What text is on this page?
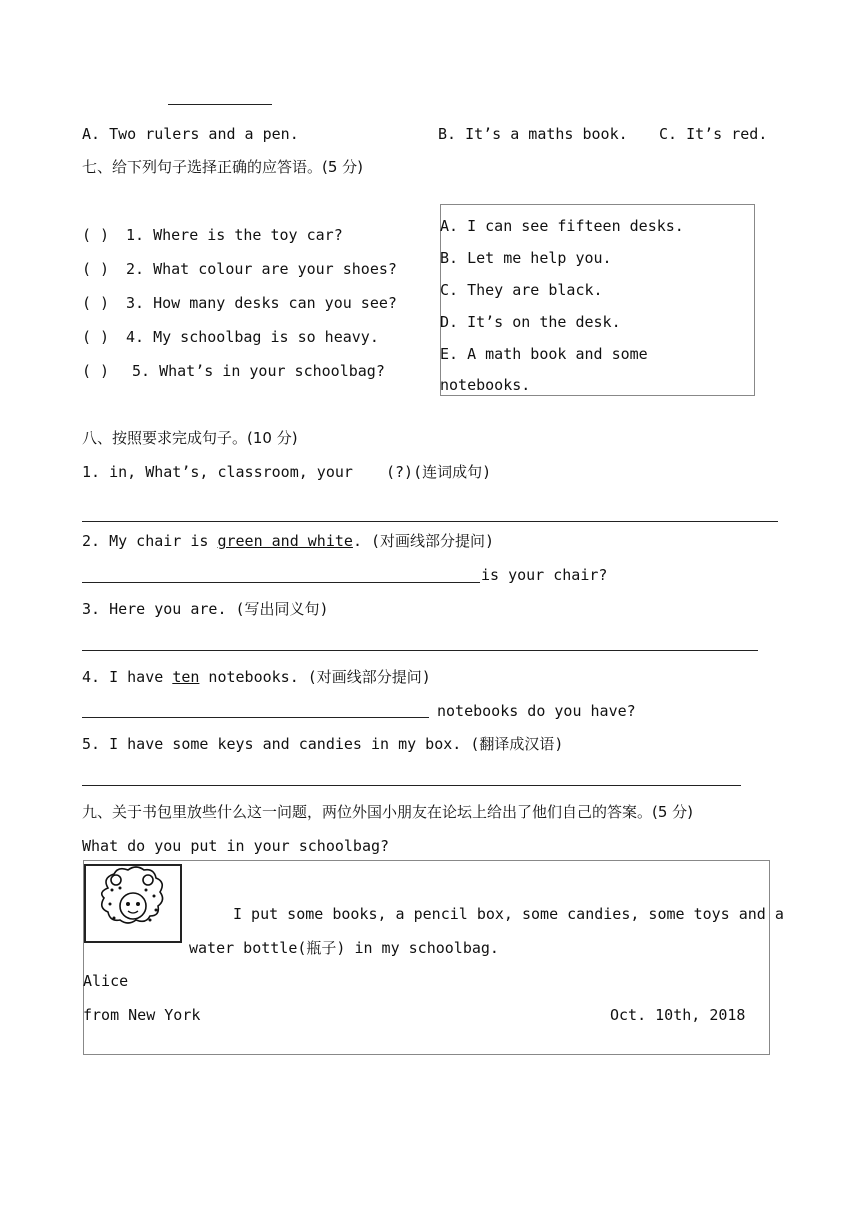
A. Two rulers and a pen.	B. It’s a maths book. C. It’s red.
七、给下列句子选择正确的应答语。(5 分)
( ) 1. Where is the toy car?
( ) 2. What colour are your shoes?
( ) 3. How many desks can you see?
( ) 4. My schoolbag is so heavy.
( ) 5. What’s in your schoolbag?
A. I can see fifteen desks.
B. Let me help you.
C. They are black.
D. It’s on the desk.
E. A math book and some
notebooks.
八、按照要求完成句子。(10 分)
1. in, What’s, classroom, your (?)(连词成句)
2. My chair is green and white. (对画线部分提问)
is your chair?
3. Here you are. (写出同义句)
4. I have ten notebooks. (对画线部分提问)
notebooks do you have?
5. I have some keys and candies in my box. (翻译成汉语)
九、关于书包里放些什么这一问题，两位外国小朋友在论坛上给出了他们自己的答案。(5 分)
What do you put in your schoolbag?
I put some books, a pencil box, some candies, some toys and a
water bottle(瓶子) in my schoolbag.
Alice
from New York	Oct. 10th, 2018
